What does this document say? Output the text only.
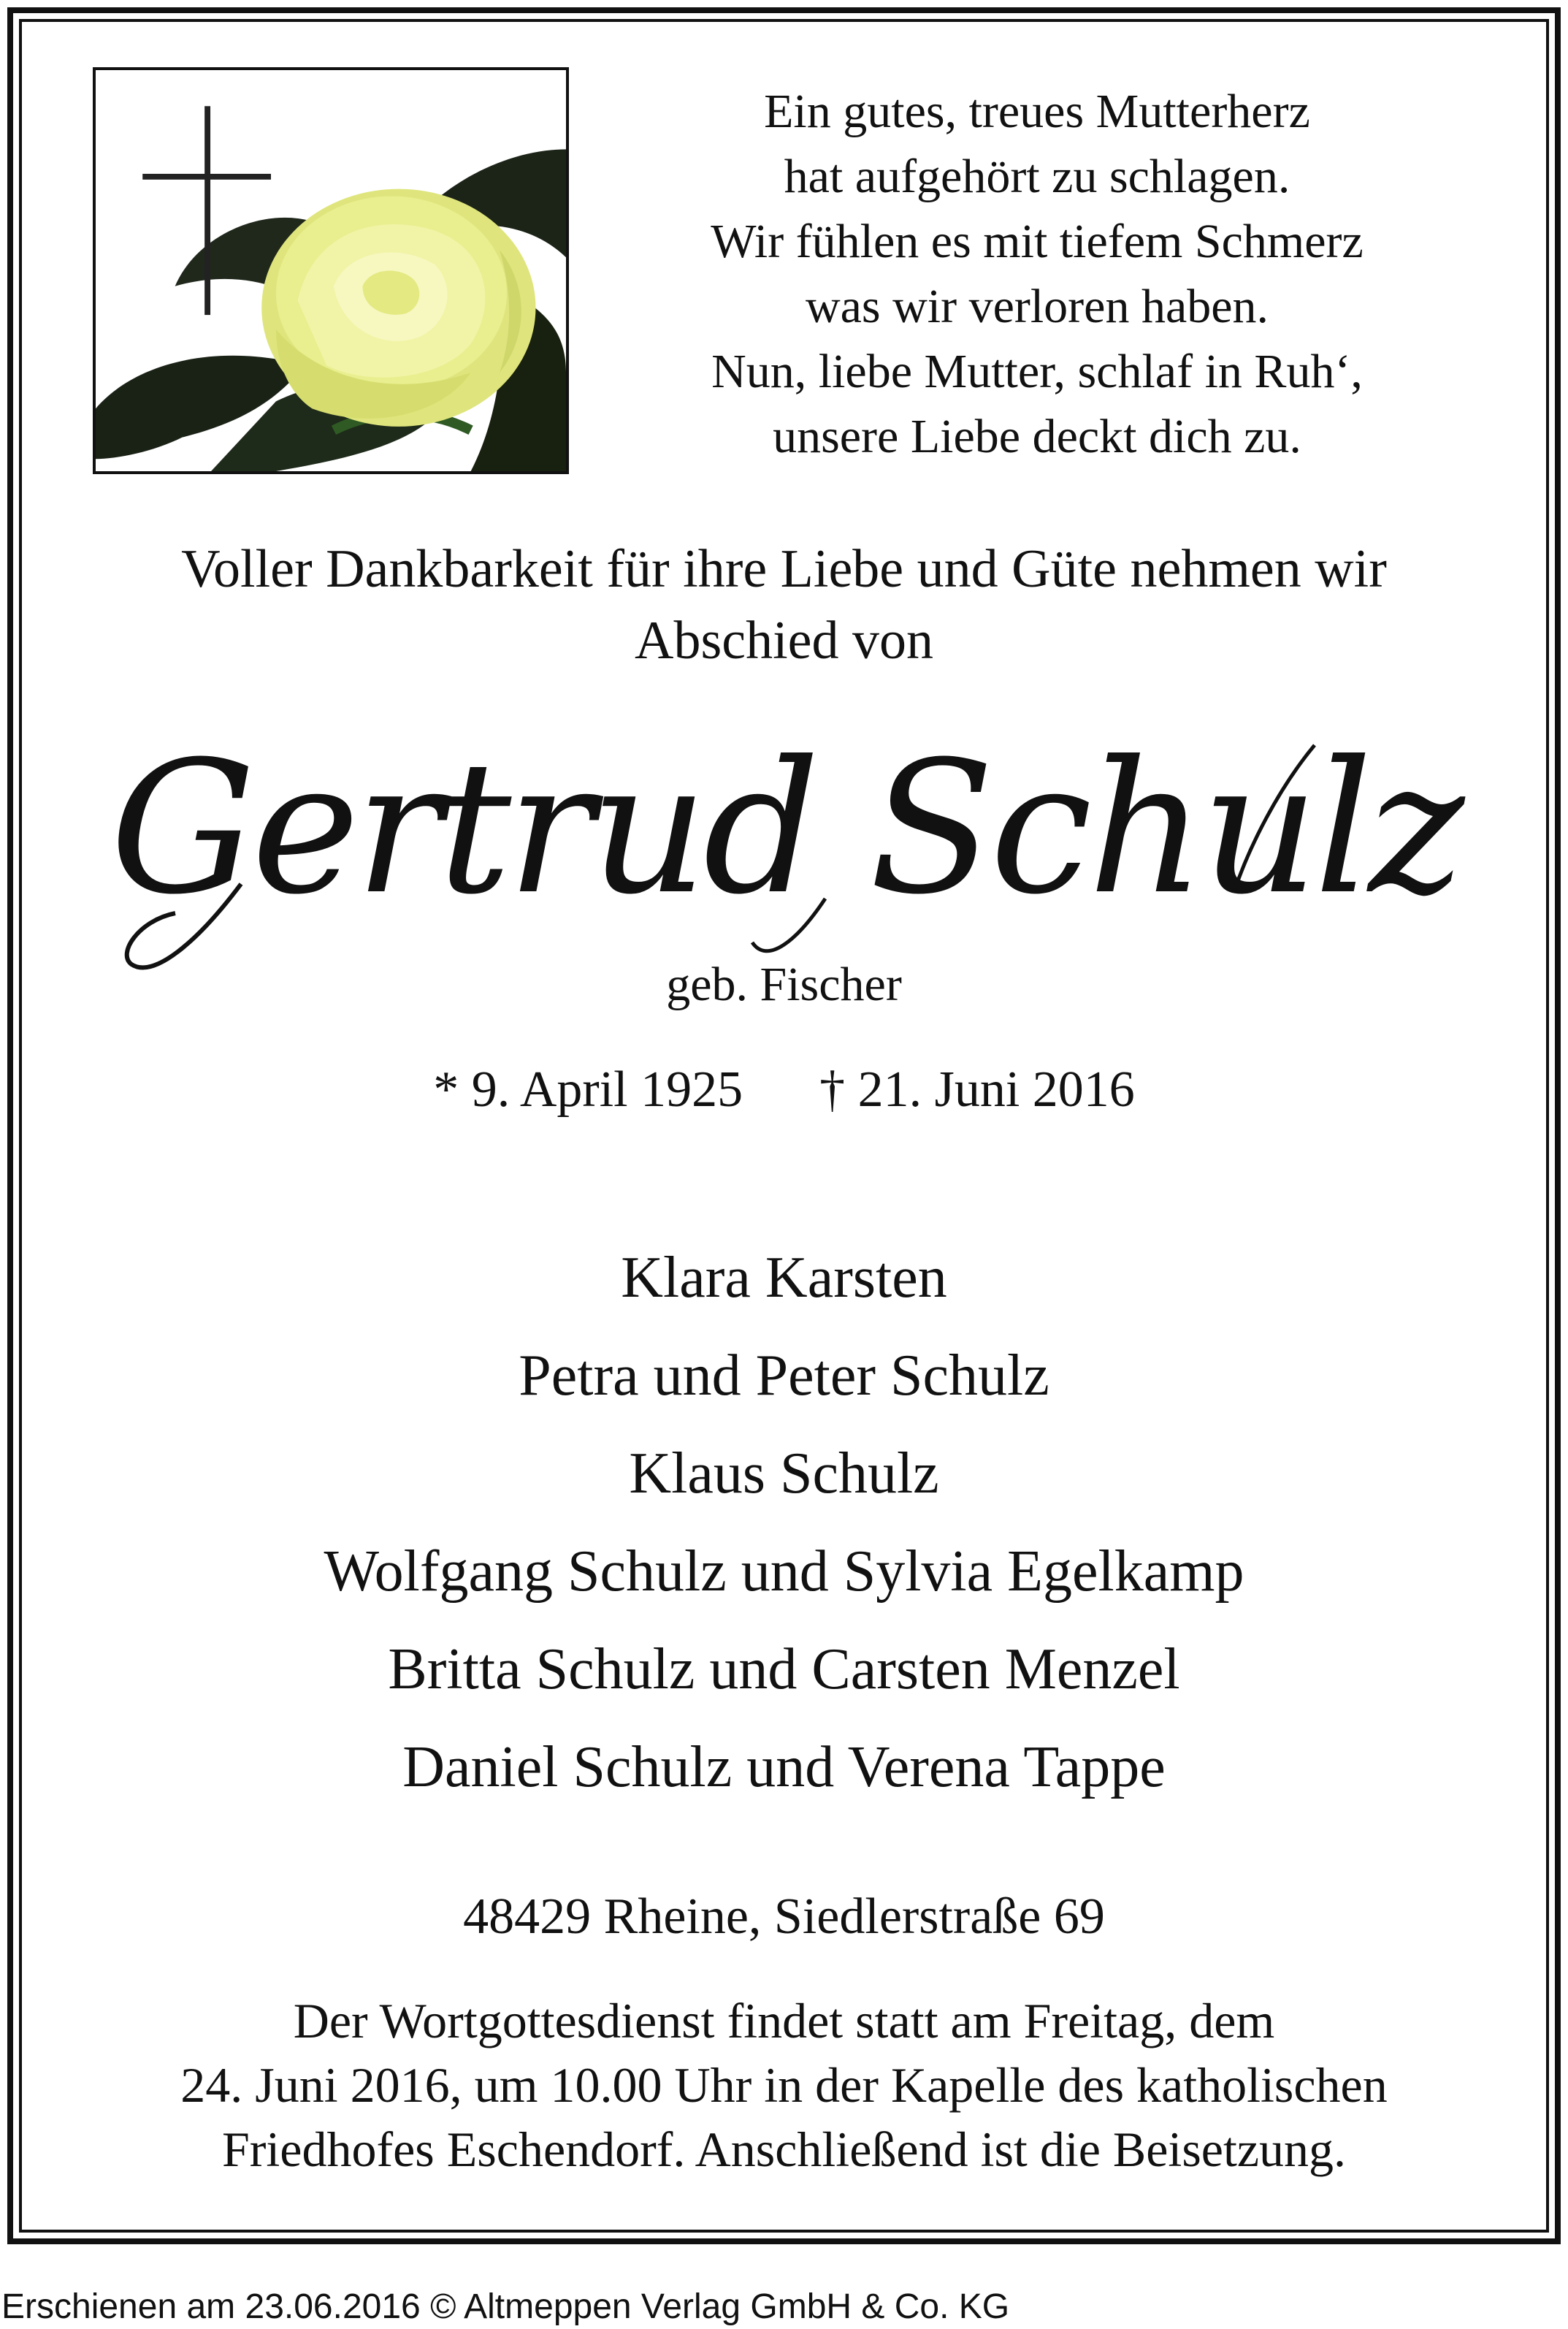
Ein gutes, treues Mutterherz
hat aufgehört zu schlagen.
Wir fühlen es mit tiefem Schmerz
was wir verloren haben.
Nun, liebe Mutter, schlaf in Ruh‘,
unsere Liebe deckt dich zu.
Voller Dankbarkeit für ihre Liebe und Güte nehmen wir
Abschied von
Gertrud Schulz
geb. Fischer
* 9. April 1925 † 21. Juni 2016
Klara Karsten
Petra und Peter Schulz
Klaus Schulz
Wolfgang Schulz und Sylvia Egelkamp
Britta Schulz und Carsten Menzel
Daniel Schulz und Verena Tappe
48429 Rheine, Siedlerstraße 69
Der Wortgottesdienst findet statt am Freitag, dem
24. Juni 2016, um 10.00 Uhr in der Kapelle des katholischen
Friedhofes Eschendorf. Anschließend ist die Beisetzung.
Erschienen am 23.06.2016 © Altmeppen Verlag GmbH & Co. KG
